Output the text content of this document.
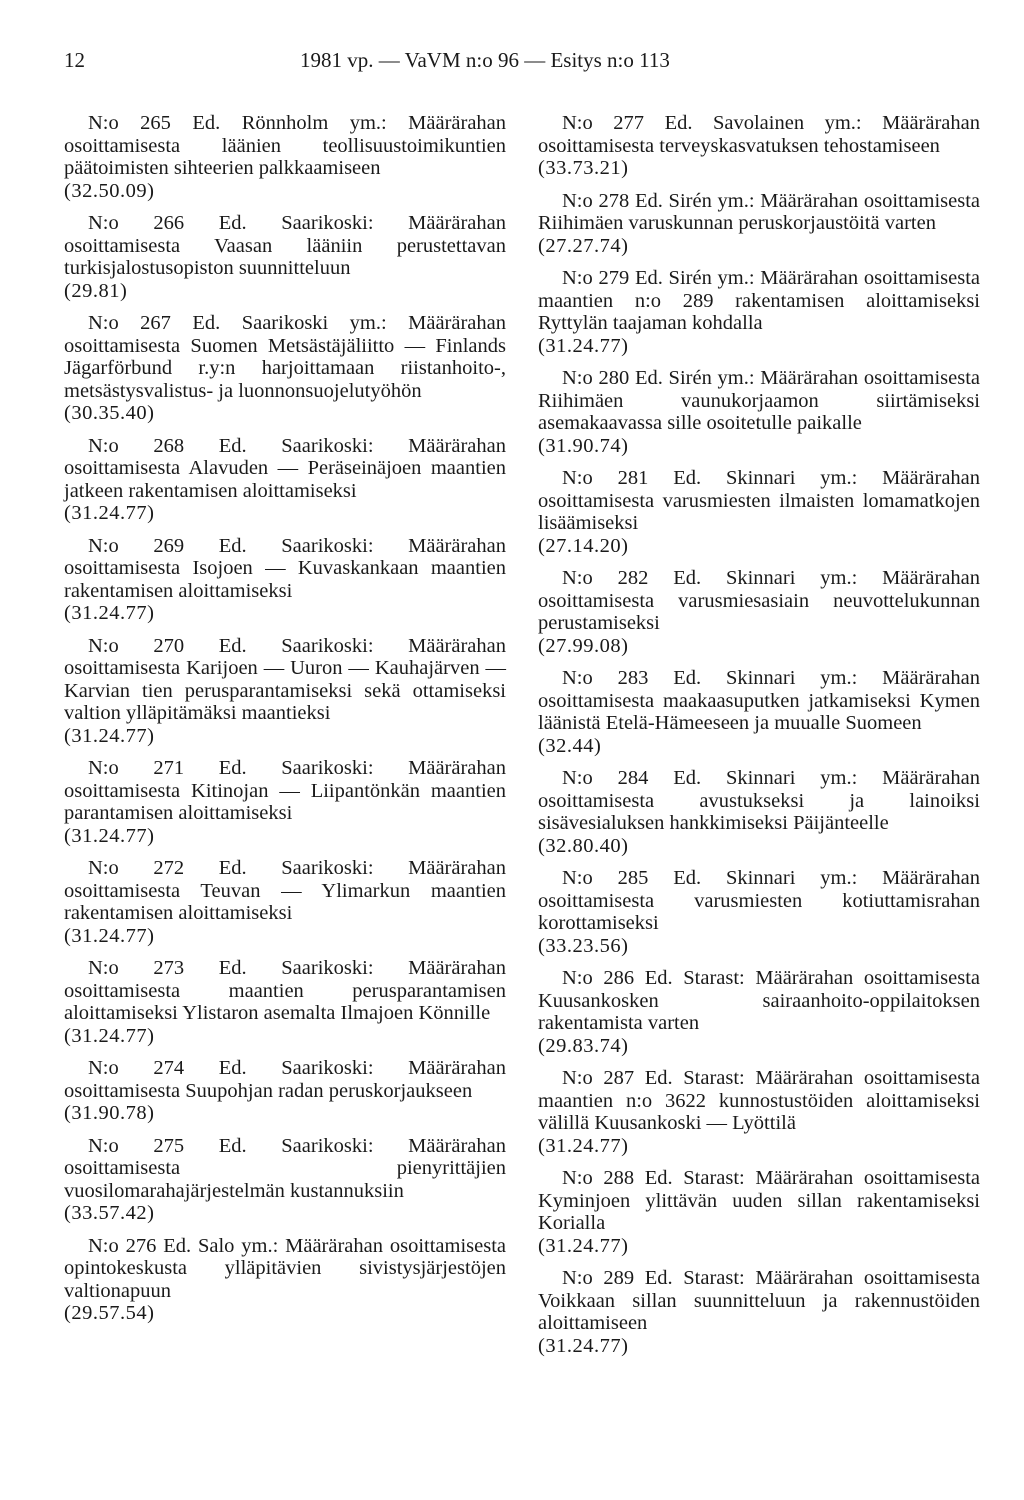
12	1981 vp. — VaVM n:o 96 — Esitys n:o 113
N:o 265 Ed. Rönnholm ym.: Määrärahan osoittamisesta läänien teollisuustoimikuntien päätoimisten sihteerien palkkaamiseen
(32.50.09)
N:o 266 Ed. Saarikoski: Määrärahan osoittamisesta Vaasan lääniin perustettavan turkisjalostusopiston suunnitteluun
(29.81)
N:o 267 Ed. Saarikoski ym.: Määrärahan osoittamisesta Suomen Metsästäjäliitto — Finlands Jägarförbund r.y:n harjoittamaan riistanhoito-, metsästysvalistus- ja luonnonsuojelutyöhön
(30.35.40)
N:o 268 Ed. Saarikoski: Määrärahan osoittamisesta Alavuden — Peräseinäjoen maantien jatkeen rakentamisen aloittamiseksi
(31.24.77)
N:o 269 Ed. Saarikoski: Määrärahan osoittamisesta Isojoen — Kuvaskankaan maantien rakentamisen aloittamiseksi
(31.24.77)
N:o 270 Ed. Saarikoski: Määrärahan osoittamisesta Karijoen — Uuron — Kauhajärven — Karvian tien perusparantamiseksi sekä ottamiseksi valtion ylläpitämäksi maantieksi
(31.24.77)
N:o 271 Ed. Saarikoski: Määrärahan osoittamisesta Kitinojan — Liipantönkän maantien parantamisen aloittamiseksi
(31.24.77)
N:o 272 Ed. Saarikoski: Määrärahan osoittamisesta Teuvan — Ylimarkun maantien rakentamisen aloittamiseksi
(31.24.77)
N:o 273 Ed. Saarikoski: Määrärahan osoittamisesta maantien perusparantamisen aloittamiseksi Ylistaron asemalta Ilmajoen Könnille
(31.24.77)
N:o 274 Ed. Saarikoski: Määrärahan osoittamisesta Suupohjan radan peruskorjaukseen
(31.90.78)
N:o 275 Ed. Saarikoski: Määrärahan osoittamisesta pienyrittäjien vuosilomarahajärjestelmän kustannuksiin
(33.57.42)
N:o 276 Ed. Salo ym.: Määrärahan osoittamisesta opintokeskusta ylläpitävien sivistysjärjestöjen valtionapuun
(29.57.54)
N:o 277 Ed. Savolainen ym.: Määrärahan osoittamisesta terveyskasvatuksen tehostamiseen
(33.73.21)
N:o 278 Ed. Sirén ym.: Määrärahan osoittamisesta Riihimäen varuskunnan peruskorjaustöitä varten
(27.27.74)
N:o 279 Ed. Sirén ym.: Määrärahan osoittamisesta maantien n:o 289 rakentamisen aloittamiseksi Ryttylän taajaman kohdalla
(31.24.77)
N:o 280 Ed. Sirén ym.: Määrärahan osoittamisesta Riihimäen vaunukorjaamon siirtämiseksi asemakaavassa sille osoitetulle paikalle
(31.90.74)
N:o 281 Ed. Skinnari ym.: Määrärahan osoittamisesta varusmiesten ilmaisten lomamatkojen lisäämiseksi
(27.14.20)
N:o 282 Ed. Skinnari ym.: Määrärahan osoittamisesta varusmiesasiain neuvottelukunnan perustamiseksi
(27.99.08)
N:o 283 Ed. Skinnari ym.: Määrärahan osoittamisesta maakaasuputken jatkamiseksi Kymen läänistä Etelä-Hämeeseen ja muualle Suomeen
(32.44)
N:o 284 Ed. Skinnari ym.: Määrärahan osoittamisesta avustukseksi ja lainoiksi sisävesialuksen hankkimiseksi Päijänteelle
(32.80.40)
N:o 285 Ed. Skinnari ym.: Määrärahan osoittamisesta varusmiesten kotiuttamisrahan korottamiseksi
(33.23.56)
N:o 286 Ed. Starast: Määrärahan osoittamisesta Kuusankosken sairaanhoito-oppilaitoksen rakentamista varten
(29.83.74)
N:o 287 Ed. Starast: Määrärahan osoittamisesta maantien n:o 3622 kunnostustöiden aloittamiseksi välillä Kuusankoski — Lyöttilä
(31.24.77)
N:o 288 Ed. Starast: Määrärahan osoittamisesta Kyminjoen ylittävän uuden sillan rakentamiseksi Korialla
(31.24.77)
N:o 289 Ed. Starast: Määrärahan osoittamisesta Voikkaan sillan suunnitteluun ja rakennustöiden aloittamiseen
(31.24.77)
